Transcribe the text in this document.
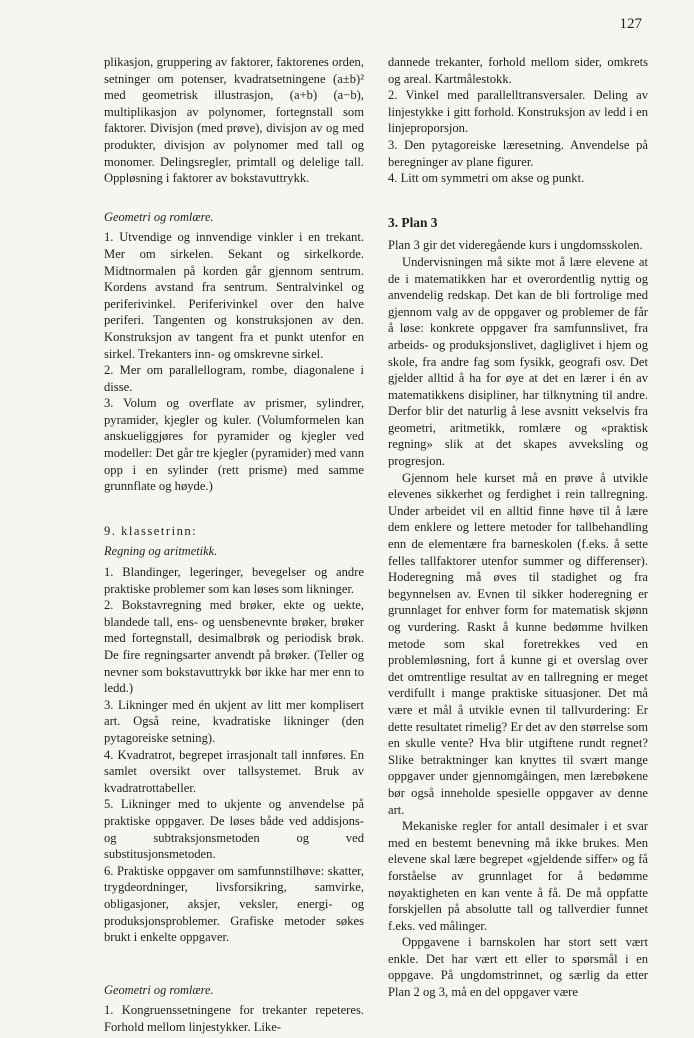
127

plikasjon, gruppering av faktorer, faktorenes orden, setninger om potenser, kvadratsetningene (a±b)² med geometrisk illustrasjon, (a+b) (a−b), multiplikasjon av polynomer, fortegnstall som faktorer. Divisjon (med prøve), divisjon av og med produkter, divisjon av polynomer med tall og monomer. Delingsregler, primtall og delelige tall. Oppløsning i faktorer av bokstavuttrykk.

Geometri og romlære.

1. Utvendige og innvendige vinkler i en trekant. Mer om sirkelen. Sekant og sirkelkorde. Midtnormalen på korden går gjennom sentrum. Kordens avstand fra sentrum. Sentralvinkel og periferivinkel. Periferivinkel over den halve periferi. Tangenten og konstruksjonen av den. Konstruksjon av tangent fra et punkt utenfor en sirkel. Trekanters inn- og omskrevne sirkel.

2. Mer om parallellogram, rombe, diagonalene i disse.

3. Volum og overflate av prismer, sylindrer, pyramider, kjegler og kuler. (Volumformelen kan anskueliggjøres for pyramider og kjegler ved modeller: Det går tre kjegler (pyramider) med vann opp i en sylinder (rett prisme) med samme grunnflate og høyde.)

9. klassetrinn:

Regning og aritmetikk.

1. Blandinger, legeringer, bevegelser og andre praktiske problemer som kan løses som likninger.

2. Bokstavregning med brøker, ekte og uekte, blandede tall, ens- og uensbenevnte brøker, brøker med fortegnstall, desimalbrøk og periodisk brøk. De fire regningsarter anvendt på brøker. (Teller og nevner som bokstavuttrykk bør ikke har mer enn to ledd.)

3. Likninger med én ukjent av litt mer komplisert art. Også reine, kvadratiske likninger (den pytagoreiske setning).

4. Kvadratrot, begrepet irrasjonalt tall innføres. En samlet oversikt over tallsystemet. Bruk av kvadratrottabeller.

5. Likninger med to ukjente og anvendelse på praktiske oppgaver. De løses både ved addisjons- og subtraksjonsmetoden og ved substitusjonsmetoden.

6. Praktiske oppgaver om samfunnstilhøve: skatter, trygdeordninger, livsforsikring, samvirke, obligasjoner, aksjer, veksler, energi- og produksjonsproblemer. Grafiske metoder søkes brukt i enkelte oppgaver.

Geometri og romlære.

1. Kongruenssetningene for trekanter repeteres. Forhold mellom linjestykker. Like-

dannede trekanter, forhold mellom sider, omkrets og areal. Kartmålestokk.

2. Vinkel med parallelltransversaler. Deling av linjestykke i gitt forhold. Konstruksjon av ledd i en linjeproporsjon.

3. Den pytagoreiske læresetning. Anvendelse på beregninger av plane figurer.

4. Litt om symmetri om akse og punkt.

3. Plan 3

Plan 3 gir det videregående kurs i ungdomsskolen.

Undervisningen må sikte mot å lære elevene at de i matematikken har et overordentlig nyttig og anvendelig redskap. Det kan de bli fortrolige med gjennom valg av de oppgaver og problemer de får å løse: konkrete oppgaver fra samfunnslivet, fra arbeids- og produksjonslivet, dagliglivet i hjem og skole, fra andre fag som fysikk, geografi osv. Det gjelder alltid å ha for øye at det en lærer i én av matematikkens disipliner, har tilknytning til andre. Derfor blir det naturlig å lese avsnitt vekselvis fra geometri, aritmetikk, romlære og «praktisk regning» slik at det skapes avveksling og progresjon.

Gjennom hele kurset må en prøve å utvikle elevenes sikkerhet og ferdighet i rein tallregning. Under arbeidet vil en alltid finne høve til å lære dem enklere og lettere metoder for tallbehandling enn de elementære fra barneskolen (f.eks. å sette felles tallfaktorer utenfor summer og differenser). Hoderegning må øves til stadighet og fra begynnelsen av. Evnen til sikker hoderegning er grunnlaget for enhver form for matematisk skjønn og vurdering. Raskt å kunne bedømme hvilken metode som skal foretrekkes ved en problemløsning, fort å kunne gi et overslag over det omtrentlige resultat av en tallregning er meget verdifullt i mange praktiske situasjoner. Det må være et mål å utvikle evnen til tallvurdering: Er dette resultatet rimelig? Er det av den størrelse som en skulle vente? Hva blir utgiftene rundt regnet? Slike betraktninger kan knyttes til svært mange oppgaver under gjennomgåingen, men lærebøkene bør også inneholde spesielle oppgaver av denne art.

Mekaniske regler for antall desimaler i et svar med en bestemt benevning må ikke brukes. Men elevene skal lære begrepet «gjeldende siffer» og få forståelse av grunnlaget for å bedømme nøyaktigheten en kan vente å få. De må oppfatte forskjellen på absolutte tall og tallverdier funnet f.eks. ved målinger.

Oppgavene i barnskolen har stort sett vært enkle. Det har vært ett eller to spørsmål i en oppgave. På ungdomstrinnet, og særlig da etter Plan 2 og 3, må en del oppgaver være
